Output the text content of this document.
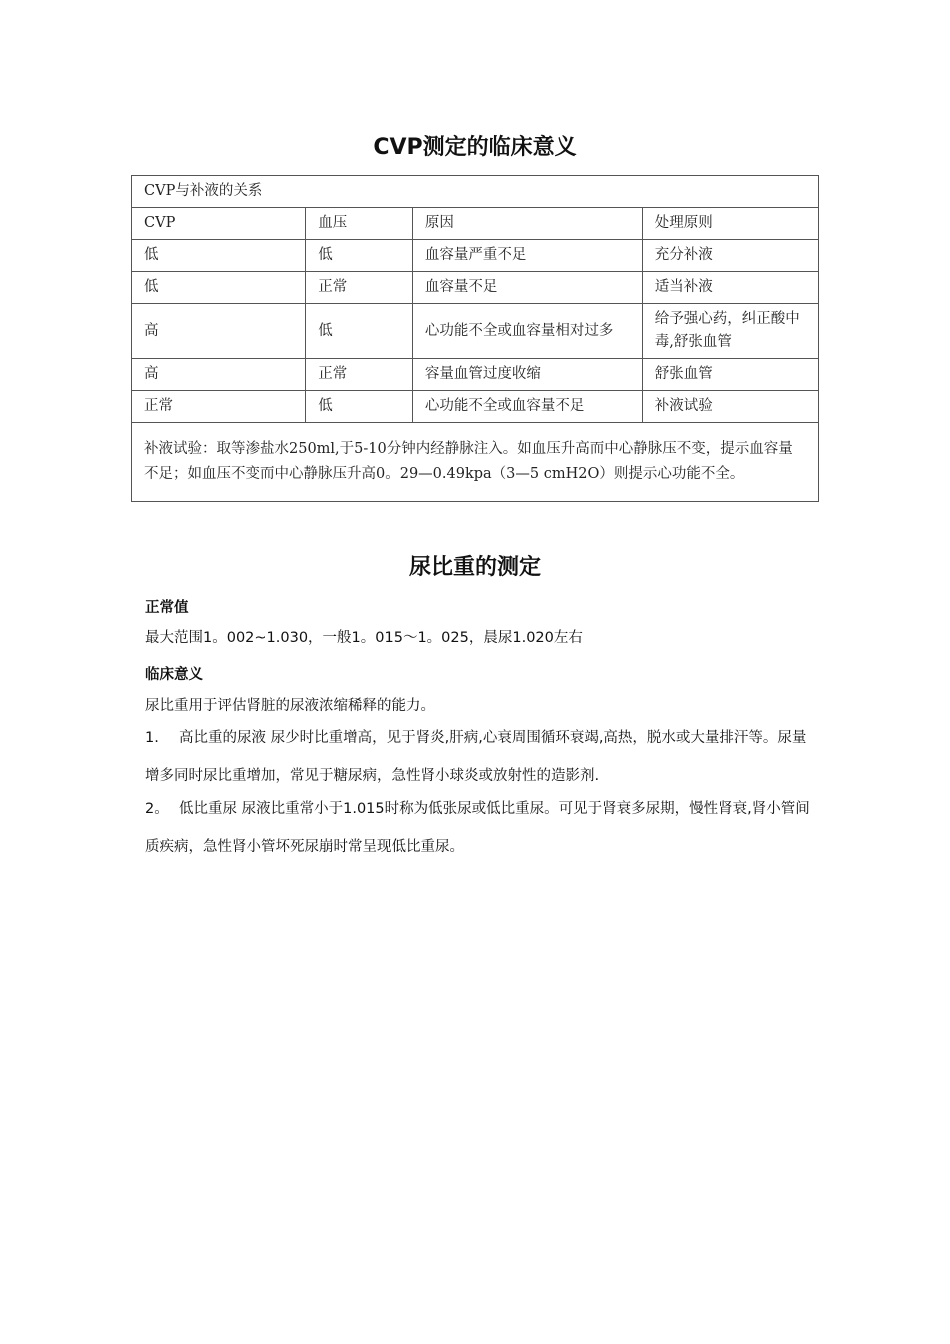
CVP测定的临床意义
CVP与补液的关系			
CVP	血压	原因	处理原则
低	低	血容量严重不足	充分补液
低	正常	血容量不足	适当补液
高	低	心功能不全或血容量相对过多	给予强心药，纠正酸中毒,舒张血管
高	正常	容量血管过度收缩	舒张血管
正常	低	心功能不全或血容量不足	补液试验
补液试验：取等渗盐水250ml,于5-10分钟内经静脉注入。如血压升高而中心静脉压不变，提示血容量不足；如血压不变而中心静脉压升高0。29—0.49kpa（3—5 cmH2O）则提示心功能不全。			
尿比重的测定

正常值

最大范围1。002~1.030，一般1。015～1。025，晨尿1.020左右

临床意义

尿比重用于评估肾脏的尿液浓缩稀释的能力。

1. 高比重的尿液 尿少时比重增高，见于肾炎,肝病,心衰周围循环衰竭,高热，脱水或大量排汗等。尿量增多同时尿比重增加，常见于糖尿病，急性肾小球炎或放射性的造影剂.

2。 低比重尿 尿液比重常小于1.015时称为低张尿或低比重尿。可见于肾衰多尿期，慢性肾衰,肾小管间质疾病，急性肾小管坏死尿崩时常呈现低比重尿。
